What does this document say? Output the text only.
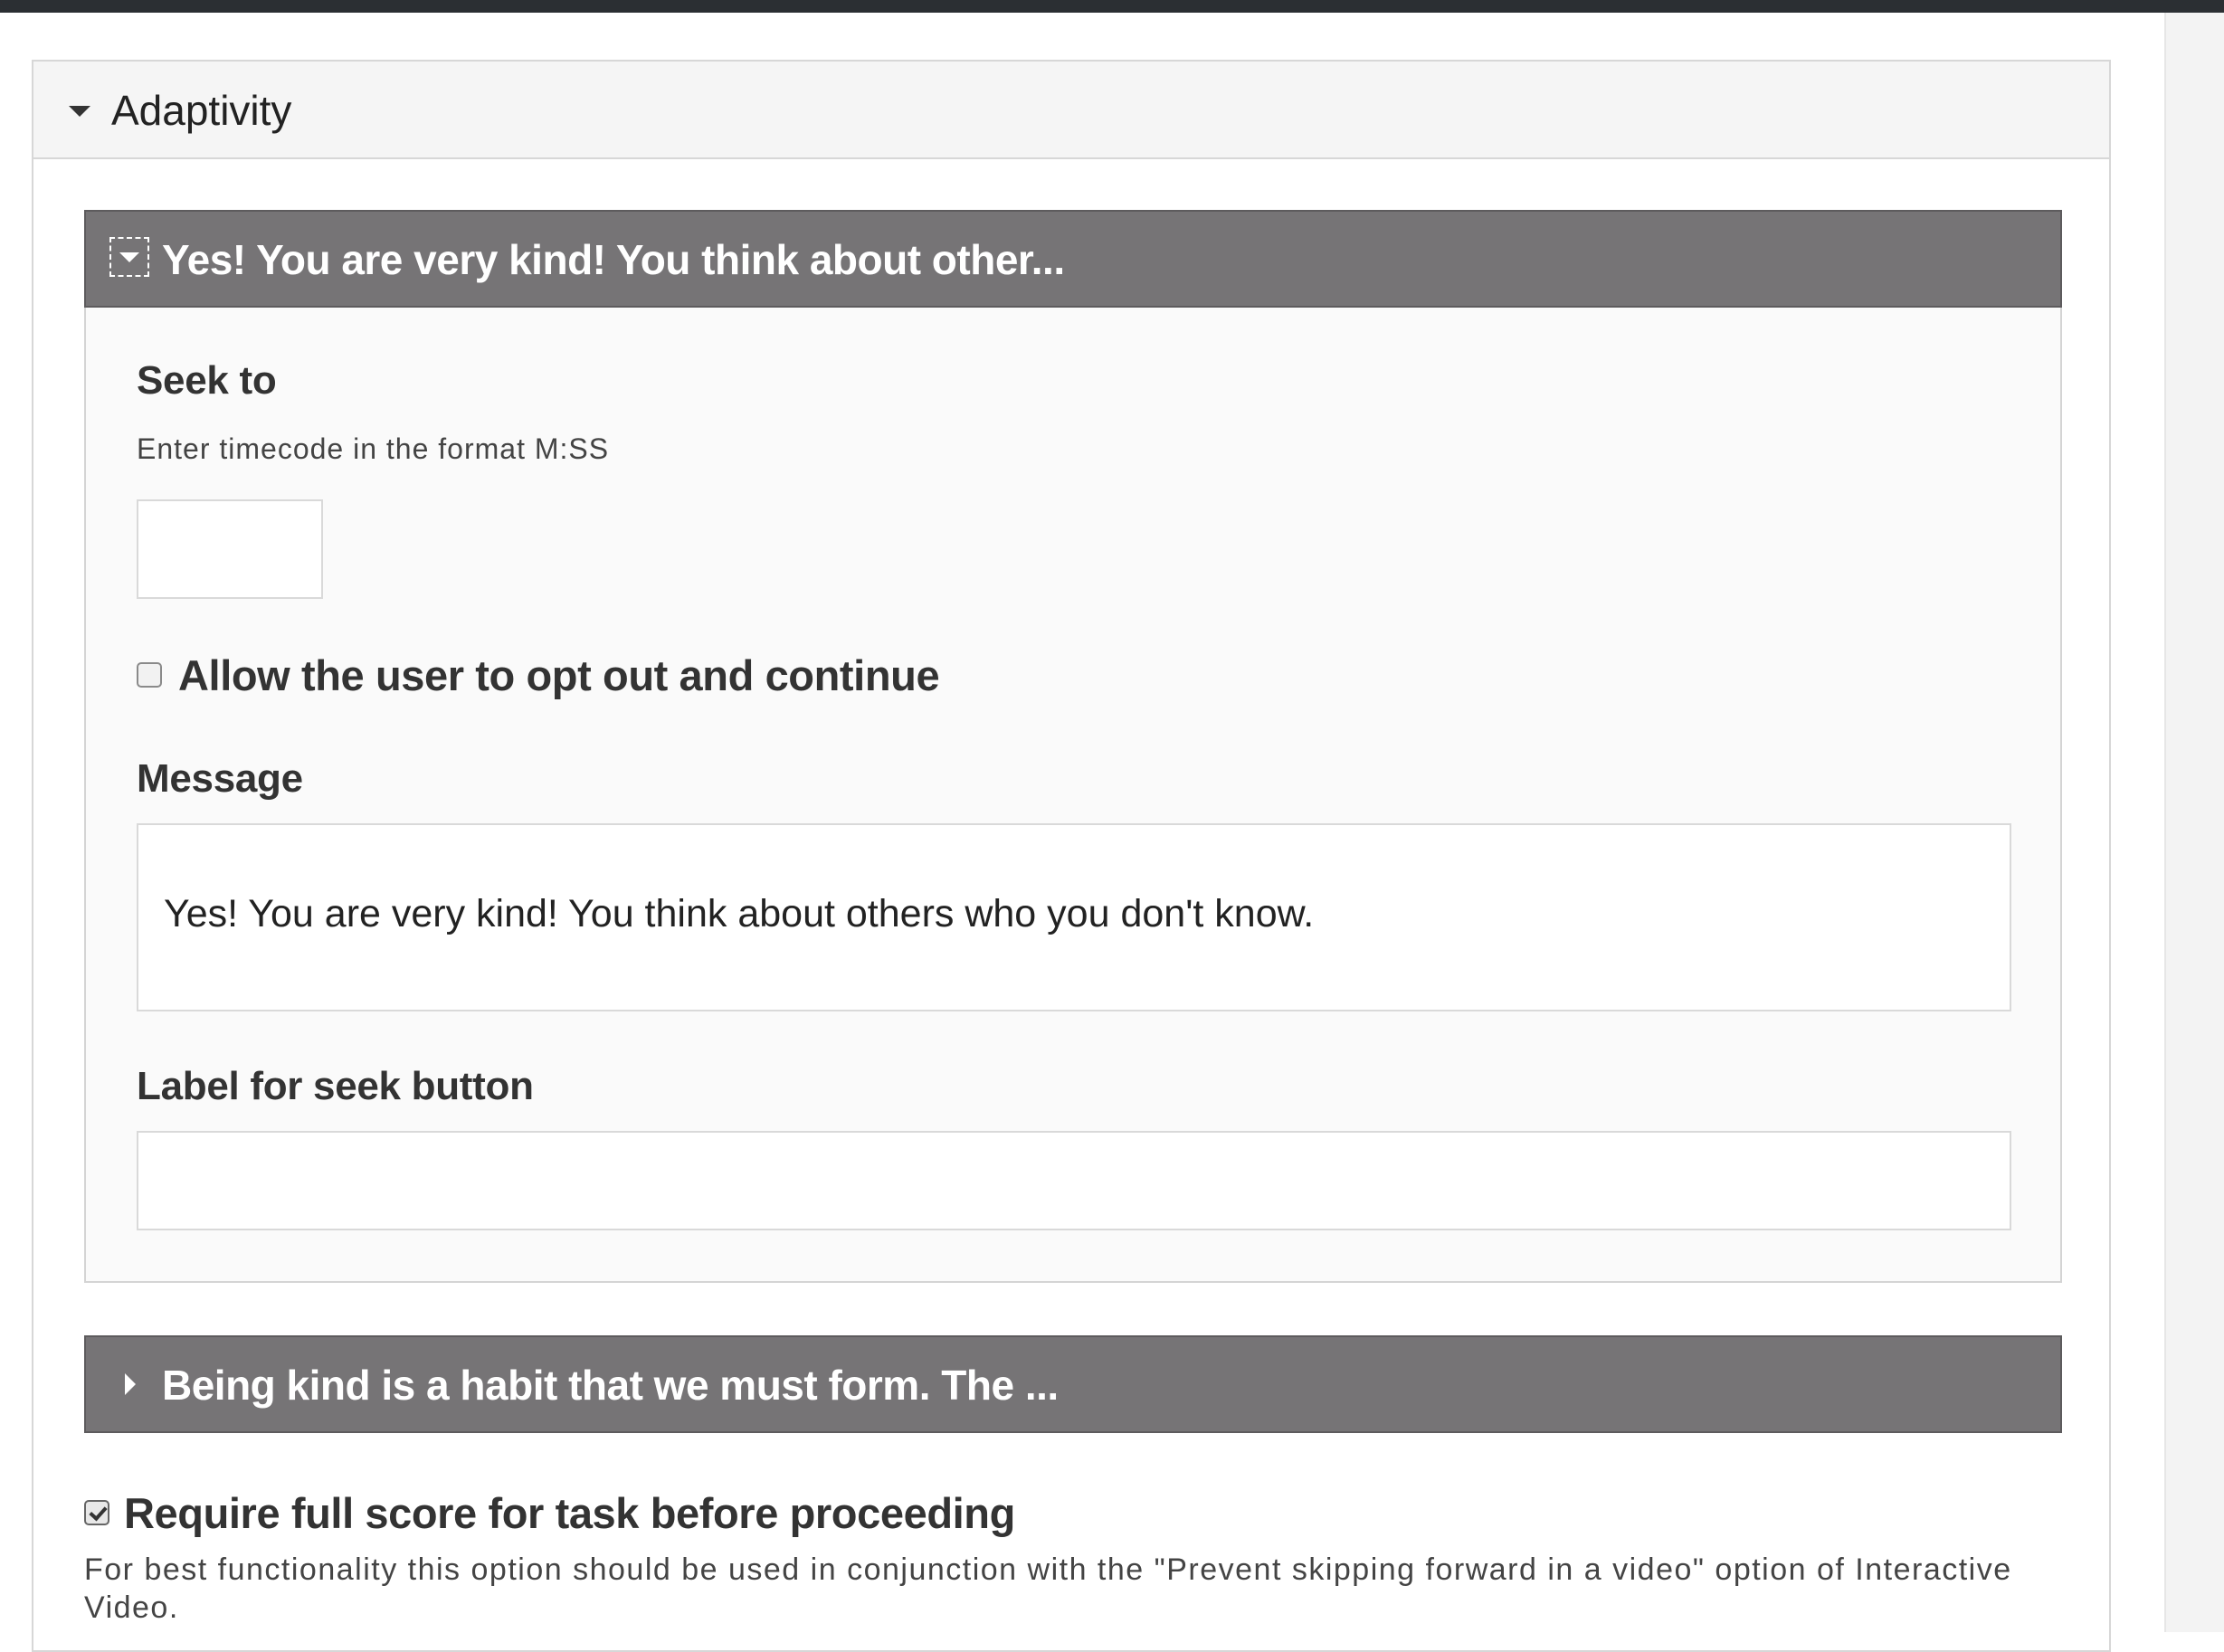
Adaptivity
Yes! You are very kind! You think about other...
Seek to
Enter timecode in the format M:SS
Allow the user to opt out and continue
Message
Yes! You are very kind! You think about others who you don't know.
Label for seek button
Being kind is a habit that we must form. The ...
Require full score for task before proceeding
For best functionality this option should be used in conjunction with the "Prevent skipping forward in a video" option of Interactive Video.
